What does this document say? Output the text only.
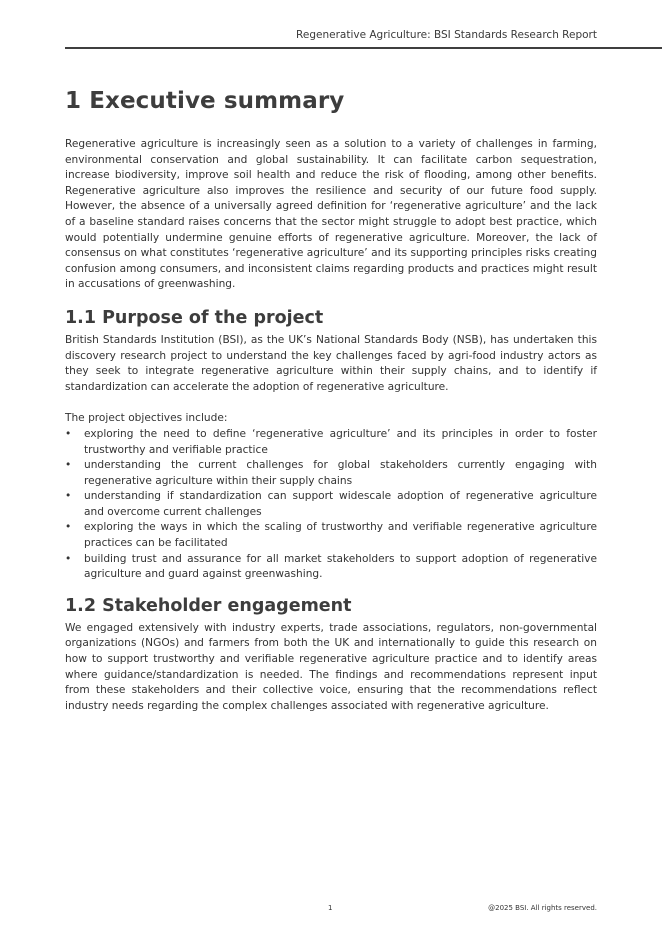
Regenerative Agriculture: BSI Standards Research Report
1 Executive summary

Regenerative agriculture is increasingly seen as a solution to a variety of challenges in farming, environmental conservation and global sustainability. It can facilitate carbon sequestration, increase biodiversity, improve soil health and reduce the risk of flooding, among other benefits. Regenerative agriculture also improves the resilience and security of our future food supply. However, the absence of a universally agreed definition for ‘regenerative agriculture’ and the lack of a baseline standard raises concerns that the sector might struggle to adopt best practice, which would potentially undermine genuine efforts of regenerative agriculture. Moreover, the lack of consensus on what constitutes ‘regenerative agriculture’ and its supporting principles risks creating confusion among consumers, and inconsistent claims regarding products and practices might result in accusations of greenwashing.

1.1 Purpose of the project

British Standards Institution (BSI), as the UK’s National Standards Body (NSB), has undertaken this discovery research project to understand the key challenges faced by agri-food industry actors as they seek to integrate regenerative agriculture within their supply chains, and to identify if standardization can accelerate the adoption of regenerative agriculture.

The project objectives include:

• exploring the need to define ‘regenerative agriculture’ and its principles in order to foster trustworthy and verifiable practice
• understanding the current challenges for global stakeholders currently engaging with regenerative agriculture within their supply chains
• understanding if standardization can support widescale adoption of regenerative agriculture and overcome current challenges
• exploring the ways in which the scaling of trustworthy and verifiable regenerative agriculture practices can be facilitated
• building trust and assurance for all market stakeholders to support adoption of regenerative agriculture and guard against greenwashing.
1.2 Stakeholder engagement

We engaged extensively with industry experts, trade associations, regulators, non-governmental organizations (NGOs) and farmers from both the UK and internationally to guide this research on how to support trustworthy and verifiable regenerative agriculture practice and to identify areas where guidance/standardization is needed. The findings and recommendations represent input from these stakeholders and their collective voice, ensuring that the recommendations reflect industry needs regarding the complex challenges associated with regenerative agriculture.

1	@2025 BSI. All rights reserved.
